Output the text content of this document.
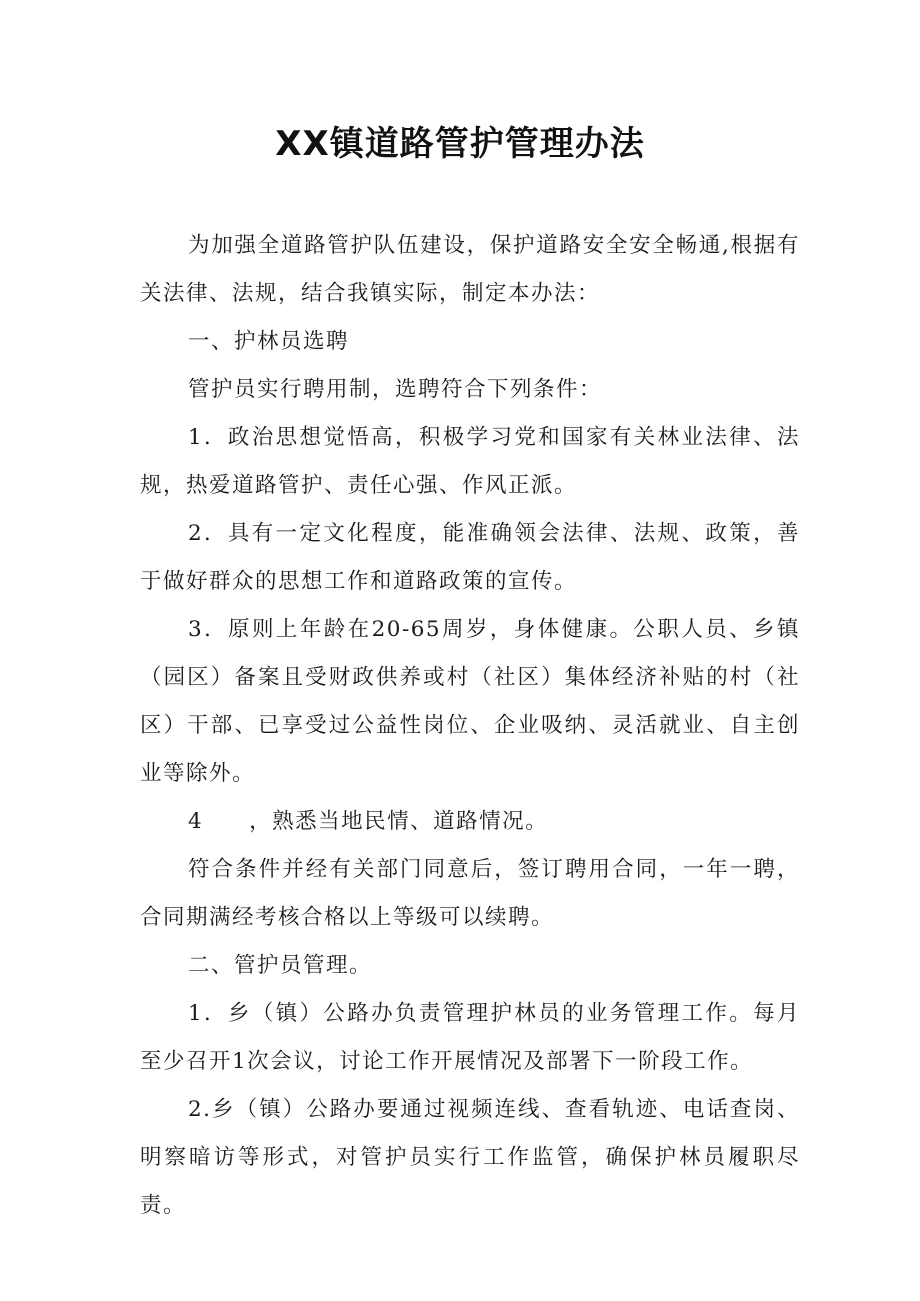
XX镇道路管护管理办法

为加强全道路管护队伍建设，保护道路安全安全畅通,根据有关法律、法规，结合我镇实际，制定本办法：

一、护林员选聘

管护员实行聘用制，选聘符合下列条件：

1．政治思想觉悟高，积极学习党和国家有关林业法律、法规，热爱道路管护、责任心强、作风正派。

2．具有一定文化程度，能准确领会法律、法规、政策，善于做好群众的思想工作和道路政策的宣传。

3．原则上年龄在20-65周岁，身体健康。公职人员、乡镇（园区）备案且受财政供养或村（社区）集体经济补贴的村（社区）干部、已享受过公益性岗位、企业吸纳、灵活就业、自主创业等除外。

4　　，熟悉当地民情、道路情况。

符合条件并经有关部门同意后，签订聘用合同，一年一聘，合同期满经考核合格以上等级可以续聘。

二、管护员管理。

1．乡（镇）公路办负责管理护林员的业务管理工作。每月至少召开1次会议，讨论工作开展情况及部署下一阶段工作。

2.乡（镇）公路办要通过视频连线、查看轨迹、电话查岗、明察暗访等形式，对管护员实行工作监管，确保护林员履职尽责。
